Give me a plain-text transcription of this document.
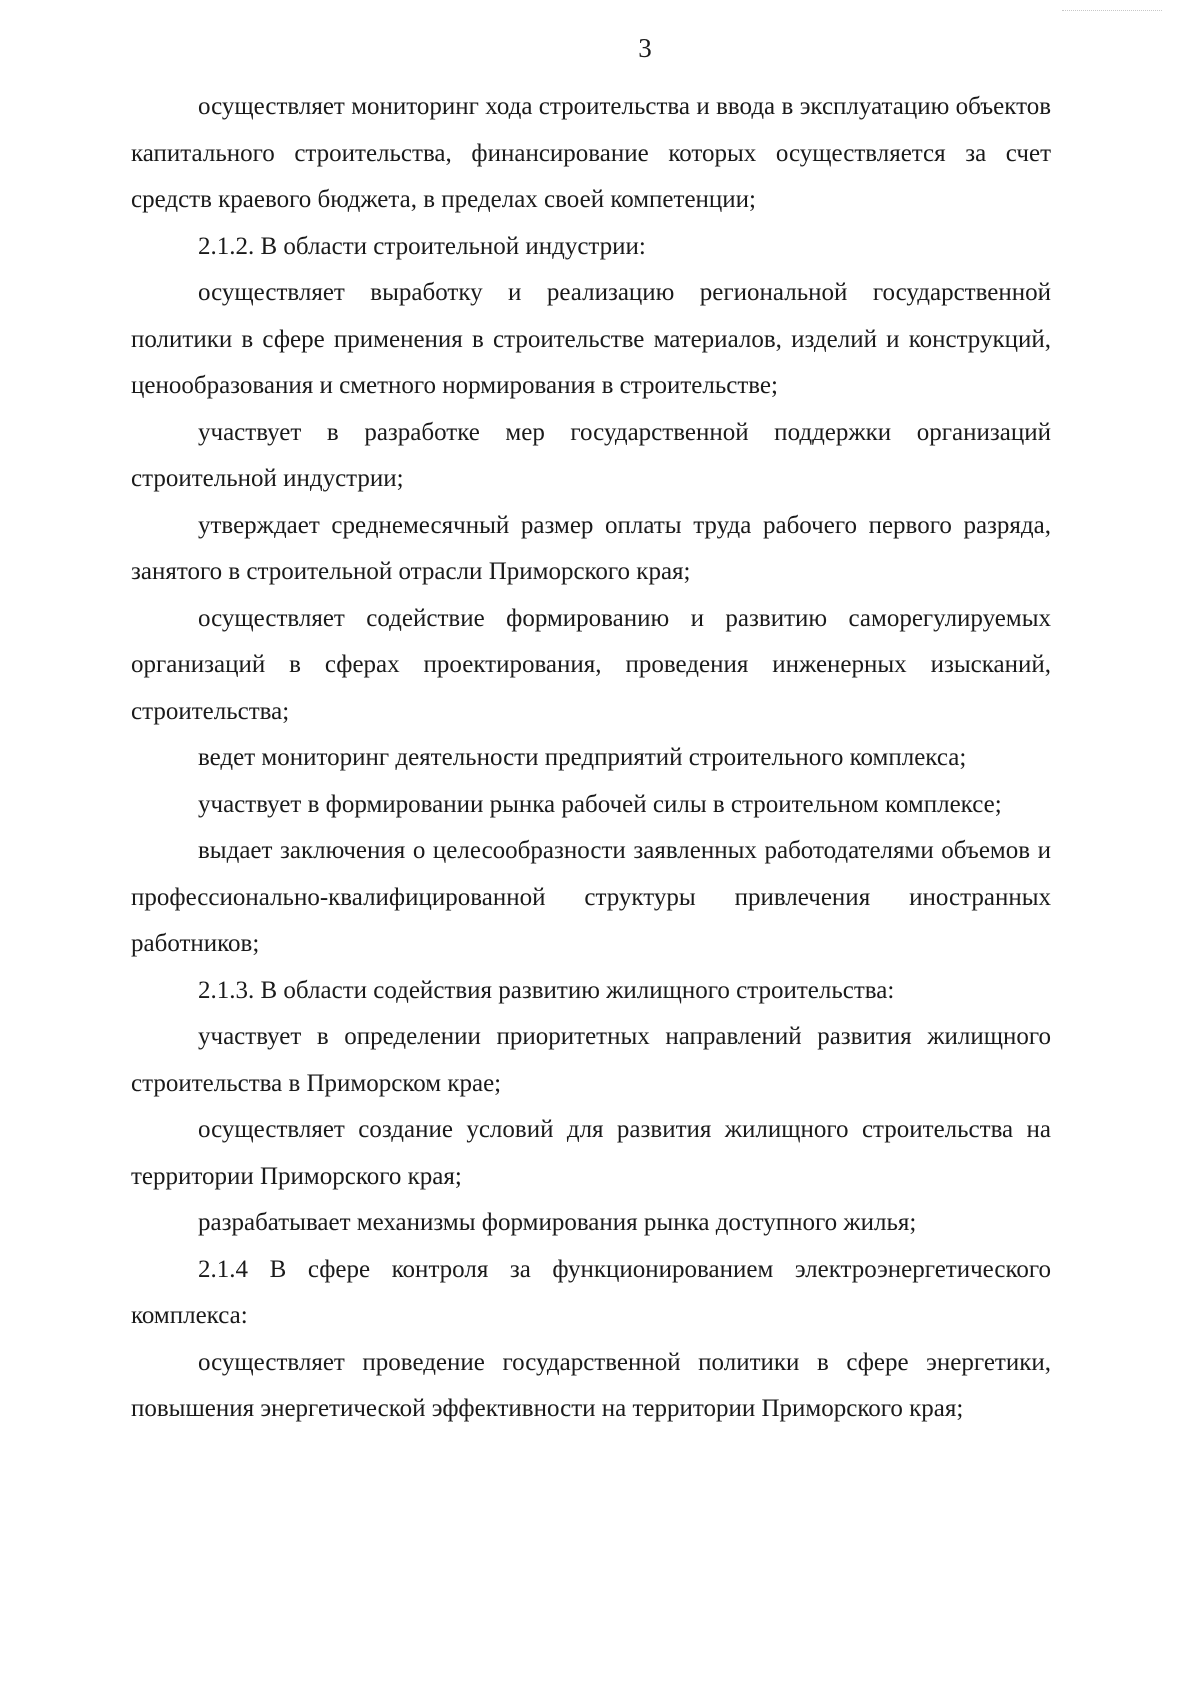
3

осуществляет мониторинг хода строительства и ввода в эксплуатацию объектов капитального строительства, финансирование которых осуществляется за счет средств краевого бюджета, в пределах своей компетенции;

2.1.2. В области строительной индустрии:

осуществляет выработку и реализацию региональной государственной политики в сфере применения в строительстве материалов, изделий и конструкций, ценообразования и сметного нормирования в строительстве;

участвует в разработке мер государственной поддержки организаций строительной индустрии;

утверждает среднемесячный размер оплаты труда рабочего первого разряда, занятого в строительной отрасли Приморского края;

осуществляет содействие формированию и развитию саморегулируемых организаций в сферах проектирования, проведения инженерных изысканий, строительства;

ведет мониторинг деятельности предприятий строительного комплекса;

участвует в формировании рынка рабочей силы в строительном комплексе;

выдает заключения о целесообразности заявленных работодателями объемов и профессионально-квалифицированной структуры привлечения иностранных работников;

2.1.3. В области содействия развитию жилищного строительства:

участвует в определении приоритетных направлений развития жилищного строительства в Приморском крае;

осуществляет создание условий для развития жилищного строительства на территории Приморского края;

разрабатывает механизмы формирования рынка доступного жилья;

2.1.4 В сфере контроля за функционированием электроэнергетического комплекса:

осуществляет проведение государственной политики в сфере энергетики, повышения энергетической эффективности на территории Приморского края;
